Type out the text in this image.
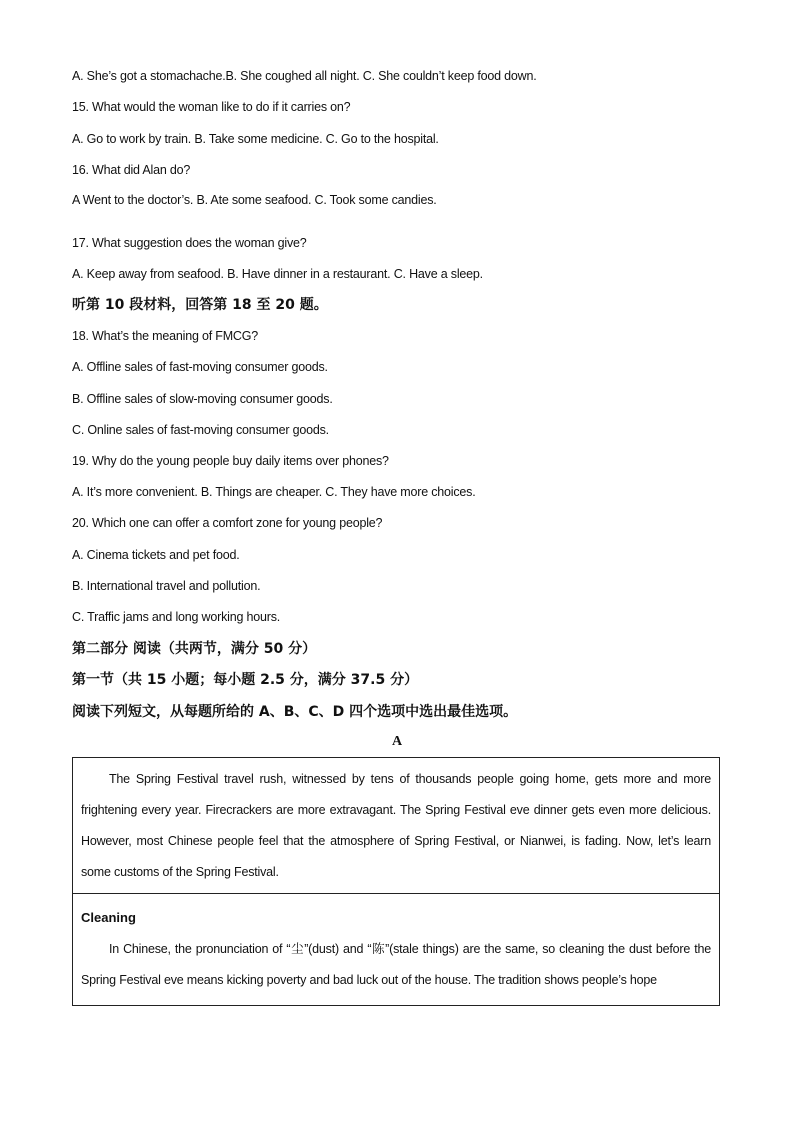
A. She’s got a stomachache.B. She coughed all night. C. She couldn’t keep food down.
15. What would the woman like to do if it carries on?
A. Go to work by train. B. Take some medicine. C. Go to the hospital.
16. What did Alan do?
A Went to the doctor’s. B. Ate some seafood. C. Took some candies.
17. What suggestion does the woman give?
A. Keep away from seafood. B. Have dinner in a restaurant. C. Have a sleep.
听第 10 段材料，回答第 18 至 20 题。
18. What’s the meaning of FMCG?
A. Offline sales of fast-moving consumer goods.
B. Offline sales of slow-moving consumer goods.
C. Online sales of fast-moving consumer goods.
19. Why do the young people buy daily items over phones?
A. It’s more convenient. B. Things are cheaper. C. They have more choices.
20. Which one can offer a comfort zone for young people?
A. Cinema tickets and pet food.
B. International travel and pollution.
C. Traffic jams and long working hours.
第二部分 阅读（共两节，满分 50 分）
第一节（共 15 小题；每小题 2.5 分，满分 37.5 分）
阅读下列短文，从每题所给的 A、B、C、D 四个选项中选出最佳选项。
A
The Spring Festival travel rush, witnessed by tens of thousands people going home, gets more and more frightening every year. Firecrackers are more extravagant. The Spring Festival eve dinner gets even more delicious. However, most Chinese people feel that the atmosphere of Spring Festival, or Nianwei, is fading. Now, let’s learn some customs of the Spring Festival.
Cleaning
In Chinese, the pronunciation of “尘”(dust) and “陈”(stale things) are the same, so cleaning the dust before the Spring Festival eve means kicking poverty and bad luck out of the house. The tradition shows people’s hope
